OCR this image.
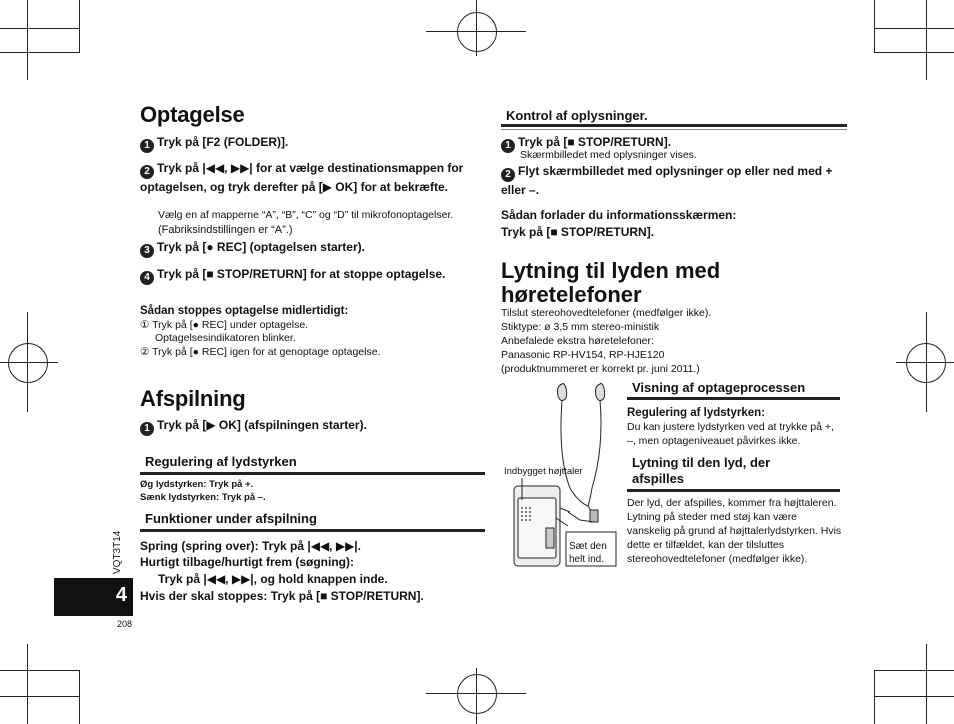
Optagelse
1 Tryk på [F2 (FOLDER)].
2 Tryk på |◀◀, ▶▶| for at vælge destinationsmappen for optagelsen, og tryk derefter på [▶ OK] for at bekræfte.
Vælg en af mapperne “A”, “B”, “C” og “D” til mikrofonoptagelser.
(Fabriksindstillingen er “A”.)
3 Tryk på [● REC] (optagelsen starter).
4 Tryk på [■ STOP/RETURN] for at stoppe optagelse.
Sådan stoppes optagelse midlertidigt:
① Tryk på [● REC] under optagelse.
Optagelsesindikatoren blinker.
② Tryk på [● REC] igen for at genoptage optagelse.
Afspilning
1 Tryk på [▶ OK] (afspilningen starter).
Regulering af lydstyrken
Øg lydstyrken: Tryk på +.
Sænk lydstyrken: Tryk på –.
Funktioner under afspilning
Spring (spring over): Tryk på |◀◀, ▶▶|.
Hurtigt tilbage/hurtigt frem (søgning):
Tryk på |◀◀, ▶▶|, og hold knappen inde.
Hvis der skal stoppes: Tryk på [■ STOP/RETURN].
VQT3T14
4
208
Kontrol af oplysninger.
1 Tryk på [■ STOP/RETURN].
Skærmbilledet med oplysninger vises.
2 Flyt skærmbilledet med oplysninger op eller ned med + eller –.
Sådan forlader du informationsskærmen:
Tryk på [■ STOP/RETURN].
Lytning til lyden med
høretelefoner
Tilslut stereohovedtelefoner (medfølger ikke).
Stiktype: ø 3,5 mm stereo-ministik
Anbefalede ekstra høretelefoner:
Panasonic RP-HV154, RP-HJE120
(produktnummeret er korrekt pr. juni 2011.)
Indbygget højttaler
Sæt den
helt ind.
Visning af optageprocessen
Regulering af lydstyrken:
Du kan justere lydstyrken ved at trykke på +, –, men optageniveauet påvirkes ikke.
Lytning til den lyd, der
afspilles
Der lyd, der afspilles, kommer fra højttaleren. Lytning på steder med støj kan være vanskelig på grund af højttalerlydstyrken. Hvis dette er tilfældet, kan der tilsluttes stereohovedtelefoner (medfølger ikke).
